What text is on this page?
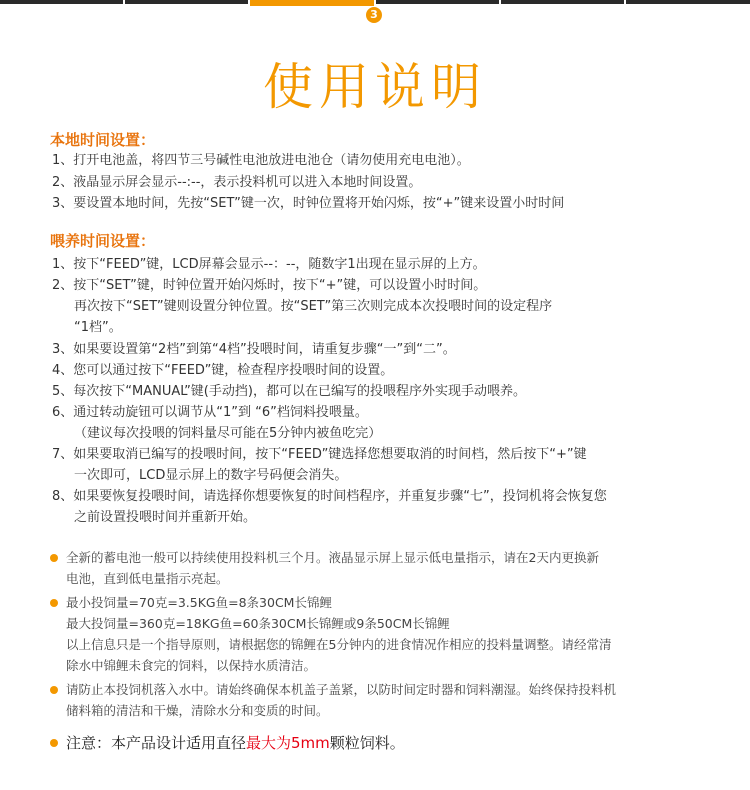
3
使用说明
本地时间设置：
1、打开电池盖，将四节三号碱性电池放进电池仓（请勿使用充电电池）。
2、液晶显示屏会显示--:--，表示投料机可以进入本地时间设置。
3、要设置本地时间，先按“SET”键一次，时钟位置将开始闪烁，按“+”键来设置小时时间
喂养时间设置：
1、按下“FEED”键，LCD屏幕会显示--：--，随数字1出现在显示屏的上方。
2、按下“SET”键，时钟位置开始闪烁时，按下“+”键，可以设置小时时间。
再次按下“SET”键则设置分钟位置。按“SET”第三次则完成本次投喂时间的设定程序
“1档”。
3、如果要设置第“2档”到第“4档”投喂时间，请重复步骤“一”到“二”。
4、您可以通过按下“FEED”键，检查程序投喂时间的设置。
5、每次按下“MANUAL”键(手动挡)，都可以在已编写的投喂程序外实现手动喂养。
6、通过转动旋钮可以调节从“1”到 “6”档饲料投喂量。
（建议每次投喂的饲料量尽可能在5分钟内被鱼吃完）
7、如果要取消已编写的投喂时间，按下“FEED”键选择您想要取消的时间档，然后按下“+”键
一次即可，LCD显示屏上的数字号码便会消失。
8、如果要恢复投喂时间，请选择你想要恢复的时间档程序，并重复步骤“七”，投饲机将会恢复您
之前设置投喂时间并重新开始。
全新的蓄电池一般可以持续使用投料机三个月。液晶显示屏上显示低电量指示，请在2天内更换新
电池，直到低电量指示亮起。
最小投饲量=70克=3.5KG鱼=8条30CM长锦鲤
最大投饲量=360克=18KG鱼=60条30CM长锦鲤或9条50CM长锦鲤
以上信息只是一个指导原则，请根据您的锦鲤在5分钟内的进食情况作相应的投料量调整。请经常清
除水中锦鲤未食完的饲料，以保持水质清洁。
请防止本投饲机落入水中。请始终确保本机盖子盖紧，以防时间定时器和饲料潮湿。始终保持投料机
储料箱的清洁和干燥，清除水分和变质的时间。
注意：本产品设计适用直径最大为5mm颗粒饲料。
